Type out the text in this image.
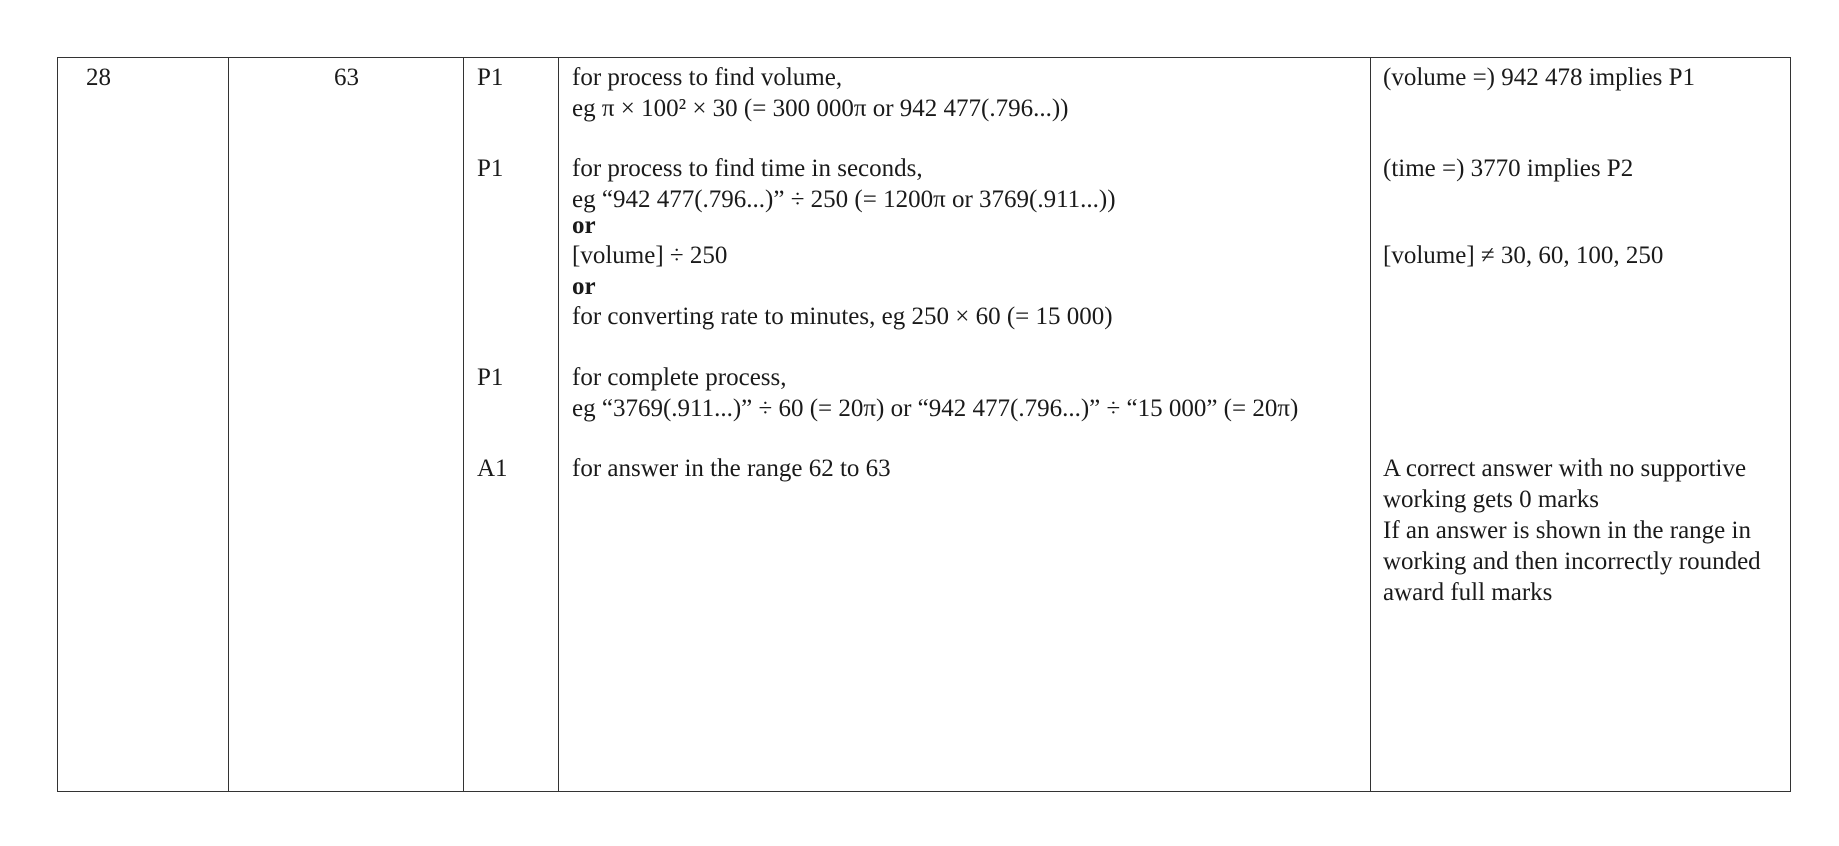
28	63	P1
P1
P1
A1
for process to find volume,
eg π × 100² × 30 (= 300 000π or 942 477(.796...))
for process to find time in seconds,
eg “942 477(.796...)” ÷ 250 (= 1200π or 3769(.911...))
or
[volume] ÷ 250
or
for converting rate to minutes, eg 250 × 60 (= 15 000)
for complete process,
eg “3769(.911...)” ÷ 60 (= 20π) or “942 477(.796...)” ÷ “15 000” (= 20π)
for answer in the range 62 to 63
(volume =) 942 478 implies P1
(time =) 3770 implies P2
[volume] ≠ 30, 60, 100, 250
A correct answer with no supportive working gets 0 marks
If an answer is shown in the range in working and then incorrectly rounded award full marks
